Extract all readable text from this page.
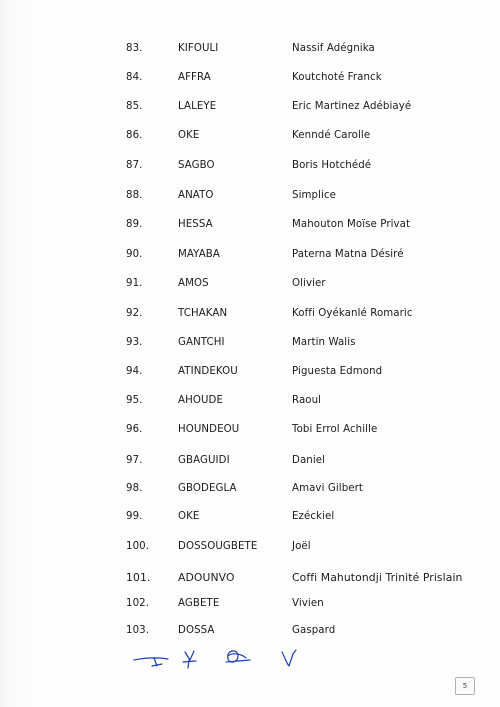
83.	KIFOULI	Nassif Adégnika
84.	AFFRA	Koutchoté Franck
85.	LALEYE	Eric Martinez Adébiayé
86.	OKE	Kenndé Carolle
87.	SAGBO	Boris Hotchédé
88.	ANATO	Simplice
89.	HESSA	Mahouton Moïse Privat
90.	MAYABA	Paterna Matna Désiré
91.	AMOS	Olivier
92.	TCHAKAN	Koffi Oyékanlé Romaric
93.	GANTCHI	Martin Walis
94.	ATINDEKOU	Piguesta Edmond
95.	AHOUDE	Raoul
96.	HOUNDEOU	Tobi Errol Achille
97.	GBAGUIDI	Daniel
98.	GBODEGLA	Amavi Gilbert
99.	OKE	Ezéckiel
100.	DOSSOUGBETE	Joël
101.	ADOUNVO	Coffi Mahutondji Trinité Prislain
102.	AGBETE	Vivien
103.	DOSSA	Gaspard
5
